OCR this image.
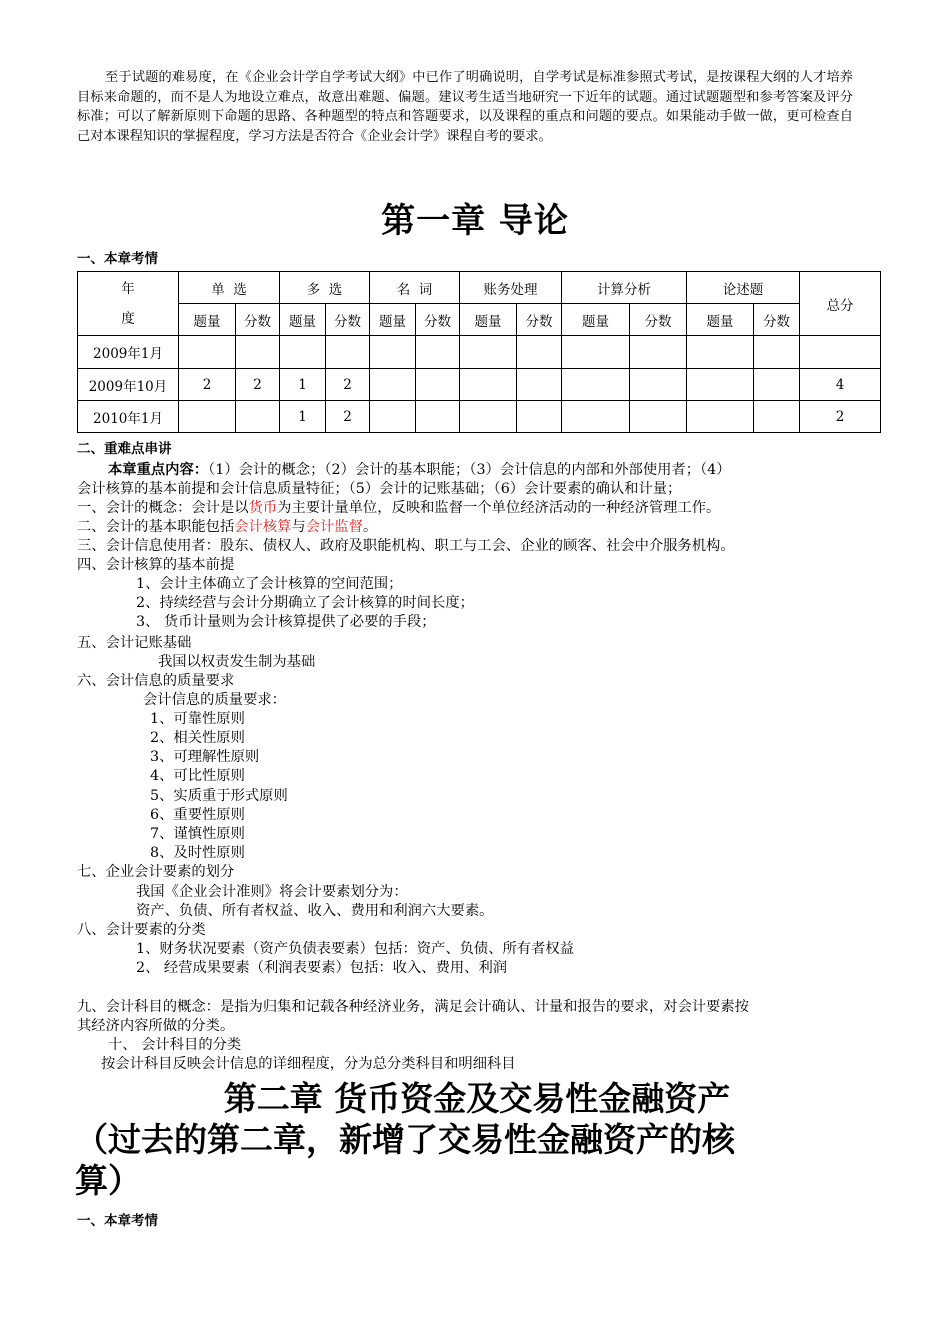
至于试题的难易度，在《企业会计学自学考试大纲》中已作了明确说明，自学考试是标准参照式考试，是按课程大纲的人才培养目标来命题的，而不是人为地设立难点，故意出难题、偏题。建议考生适当地研究一下近年的试题。通过试题题型和参考答案及评分标准；可以了解新原则下命题的思路、各种题型的特点和答题要求，以及课程的重点和问题的要点。如果能动手做一做，更可检查自己对本课程知识的掌握程度，学习方法是否符合《企业会计学》课程自考的要求。
第一章 导论
一、本章考情
年
度	单  选		多  选		名  词		账务处理		计算分析		论述题		总分
	题量	分数	题量	分数	题量	分数	题量	分数	题量	分数	题量	分数	
2009年1月													
2009年10月	2	2	1	2									4
2010年1月			1	2									2
二、重难点串讲
本章重点内容：（1）会计的概念；（2）会计的基本职能；（3）会计信息的内部和外部使用者；（4）
会计核算的基本前提和会计信息质量特征；（5）会计的记账基础；（6）会计要素的确认和计量；
一、会计的概念：会计是以货币为主要计量单位，反映和监督一个单位经济活动的一种经济管理工作。
二、会计的基本职能包括会计核算与会计监督。
三、会计信息使用者：股东、债权人、政府及职能机构、职工与工会、企业的顾客、社会中介服务机构。
四、会计核算的基本前提
1、会计主体确立了会计核算的空间范围；
2、持续经营与会计分期确立了会计核算的时间长度；
3、 货币计量则为会计核算提供了必要的手段；
五、会计记账基础
我国以权责发生制为基础
六、会计信息的质量要求
会计信息的质量要求：
1、可靠性原则
2、相关性原则
3、可理解性原则
4、可比性原则
5、实质重于形式原则
6、重要性原则
7、谨慎性原则
8、及时性原则
七、企业会计要素的划分
我国《企业会计准则》将会计要素划分为：
资产、负债、所有者权益、收入、费用和利润六大要素。
八、会计要素的分类
1、财务状况要素（资产负债表要素）包括：资产、负债、所有者权益
2、 经营成果要素（利润表要素）包括：收入、费用、利润
九、会计科目的概念：是指为归集和记载各种经济业务，满足会计确认、计量和报告的要求，对会计要素按
其经济内容所做的分类。
十、 会计科目的分类
按会计科目反映会计信息的详细程度，分为总分类科目和明细科目
第二章 货币资金及交易性金融资产
（过去的第二章，新增了交易性金融资产的核
算）
一、本章考情
